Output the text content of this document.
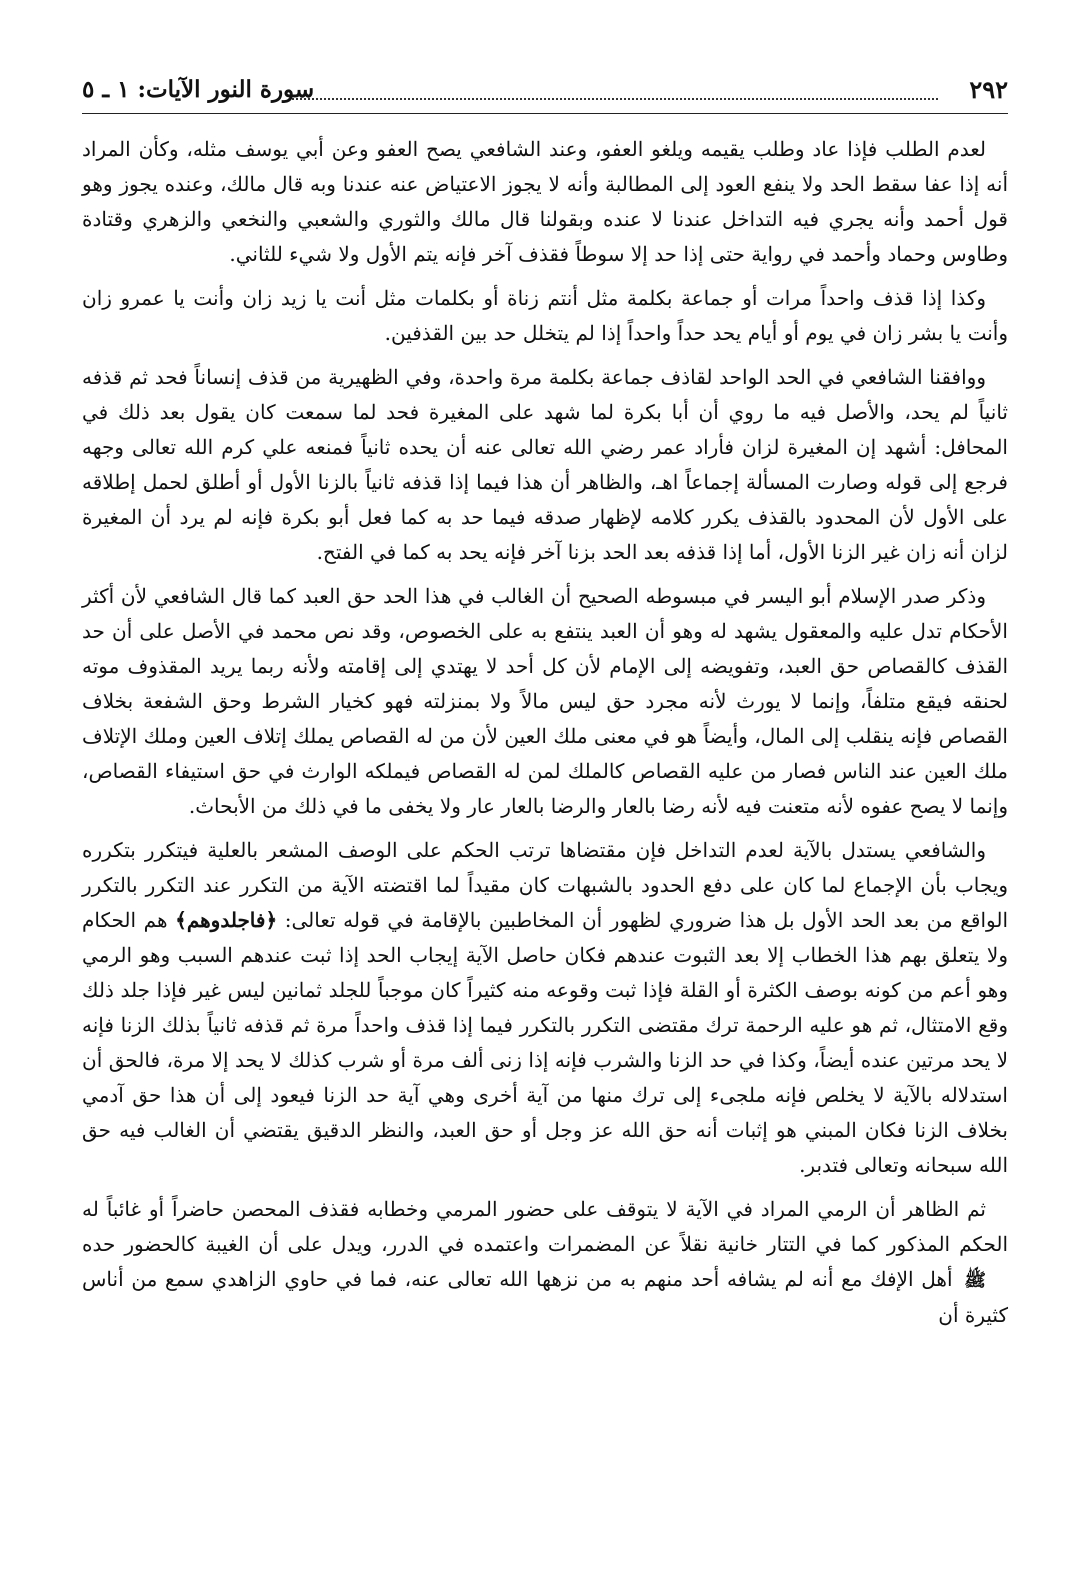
٢٩٢
سورة النور الآيات: ١ ـ ٥

لعدم الطلب فإذا عاد وطلب يقيمه ويلغو العفو، وعند الشافعي يصح العفو وعن أبي يوسف مثله، وكأن المراد أنه إذا عفا سقط الحد ولا ينفع العود إلى المطالبة وأنه لا يجوز الاعتياض عنه عندنا وبه قال مالك، وعنده يجوز وهو قول أحمد وأنه يجري فيه التداخل عندنا لا عنده وبقولنا قال مالك والثوري والشعبي والنخعي والزهري وقتادة وطاوس وحماد وأحمد في رواية حتى إذا حد إلا سوطاً فقذف آخر فإنه يتم الأول ولا شيء للثاني.

وكذا إذا قذف واحداً مرات أو جماعة بكلمة مثل أنتم زناة أو بكلمات مثل أنت يا زيد زان وأنت يا عمرو زان وأنت يا بشر زان في يوم أو أيام يحد حداً واحداً إذا لم يتخلل حد بين القذفين.

ووافقنا الشافعي في الحد الواحد لقاذف جماعة بكلمة مرة واحدة، وفي الظهيرية من قذف إنساناً فحد ثم قذفه ثانياً لم يحد، والأصل فيه ما روي أن أبا بكرة لما شهد على المغيرة فحد لما سمعت كان يقول بعد ذلك في المحافل: أشهد إن المغيرة لزان فأراد عمر رضي الله تعالى عنه أن يحده ثانياً فمنعه علي كرم الله تعالى وجهه فرجع إلى قوله وصارت المسألة إجماعاً اهـ، والظاهر أن هذا فيما إذا قذفه ثانياً بالزنا الأول أو أطلق لحمل إطلاقه على الأول لأن المحدود بالقذف يكرر كلامه لإظهار صدقه فيما حد به كما فعل أبو بكرة فإنه لم يرد أن المغيرة لزان أنه زان غير الزنا الأول، أما إذا قذفه بعد الحد بزنا آخر فإنه يحد به كما في الفتح.

وذكر صدر الإسلام أبو اليسر في مبسوطه الصحيح أن الغالب في هذا الحد حق العبد كما قال الشافعي لأن أكثر الأحكام تدل عليه والمعقول يشهد له وهو أن العبد ينتفع به على الخصوص، وقد نص محمد في الأصل على أن حد القذف كالقصاص حق العبد، وتفويضه إلى الإمام لأن كل أحد لا يهتدي إلى إقامته ولأنه ربما يريد المقذوف موته لحنقه فيقع متلفاً، وإنما لا يورث لأنه مجرد حق ليس مالاً ولا بمنزلته فهو كخيار الشرط وحق الشفعة بخلاف القصاص فإنه ينقلب إلى المال، وأيضاً هو في معنى ملك العين لأن من له القصاص يملك إتلاف العين وملك الإتلاف ملك العين عند الناس فصار من عليه القصاص كالملك لمن له القصاص فيملكه الوارث في حق استيفاء القصاص، وإنما لا يصح عفوه لأنه متعنت فيه لأنه رضا بالعار والرضا بالعار عار ولا يخفى ما في ذلك من الأبحاث.

والشافعي يستدل بالآية لعدم التداخل فإن مقتضاها ترتب الحكم على الوصف المشعر بالعلية فيتكرر بتكرره ويجاب بأن الإجماع لما كان على دفع الحدود بالشبهات كان مقيداً لما اقتضته الآية من التكرر عند التكرر بالتكرر الواقع من بعد الحد الأول بل هذا ضروري لظهور أن المخاطبين بالإقامة في قوله تعالى: ﴿فاجلدوهم﴾ هم الحكام ولا يتعلق بهم هذا الخطاب إلا بعد الثبوت عندهم فكان حاصل الآية إيجاب الحد إذا ثبت عندهم السبب وهو الرمي وهو أعم من كونه بوصف الكثرة أو القلة فإذا ثبت وقوعه منه كثيراً كان موجباً للجلد ثمانين ليس غير فإذا جلد ذلك وقع الامتثال، ثم هو عليه الرحمة ترك مقتضى التكرر بالتكرر فيما إذا قذف واحداً مرة ثم قذفه ثانياً بذلك الزنا فإنه لا يحد مرتين عنده أيضاً، وكذا في حد الزنا والشرب فإنه إذا زنى ألف مرة أو شرب كذلك لا يحد إلا مرة، فالحق أن استدلاله بالآية لا يخلص فإنه ملجىء إلى ترك منها من آية أخرى وهي آية حد الزنا فيعود إلى أن هذا حق آدمي بخلاف الزنا فكان المبني هو إثبات أنه حق الله عز وجل أو حق العبد، والنظر الدقيق يقتضي أن الغالب فيه حق الله سبحانه وتعالى فتدبر.

ثم الظاهر أن الرمي المراد في الآية لا يتوقف على حضور المرمي وخطابه فقذف المحصن حاضراً أو غائباً له الحكم المذكور كما في التتار خانية نقلاً عن المضمرات واعتمده في الدرر، ويدل على أن الغيبة كالحضور حده ﷺ أهل الإفك مع أنه لم يشافه أحد منهم به من نزهها الله تعالى عنه، فما في حاوي الزاهدي سمع من أناس كثيرة أن
